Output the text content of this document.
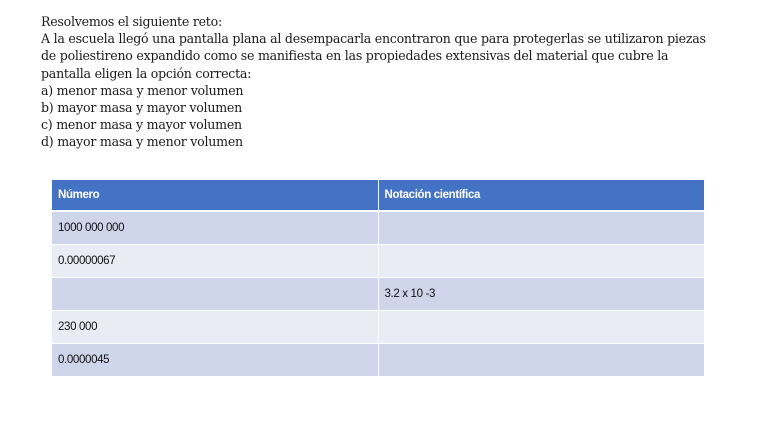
Resolvemos el siguiente reto:
A la escuela llegó una pantalla plana al desempacarla encontraron que para protegerlas se utilizaron piezas
de poliestireno expandido como se manifiesta en las propiedades extensivas del material que cubre la
pantalla eligen la opción correcta:
a) menor masa y menor volumen
b) mayor masa y mayor volumen
c) menor masa y mayor volumen
d) mayor masa y menor volumen
Número	Notación científica
1000 000 000	
0.00000067	
	3.2 x 10 -3
230 000	
0.0000045	
